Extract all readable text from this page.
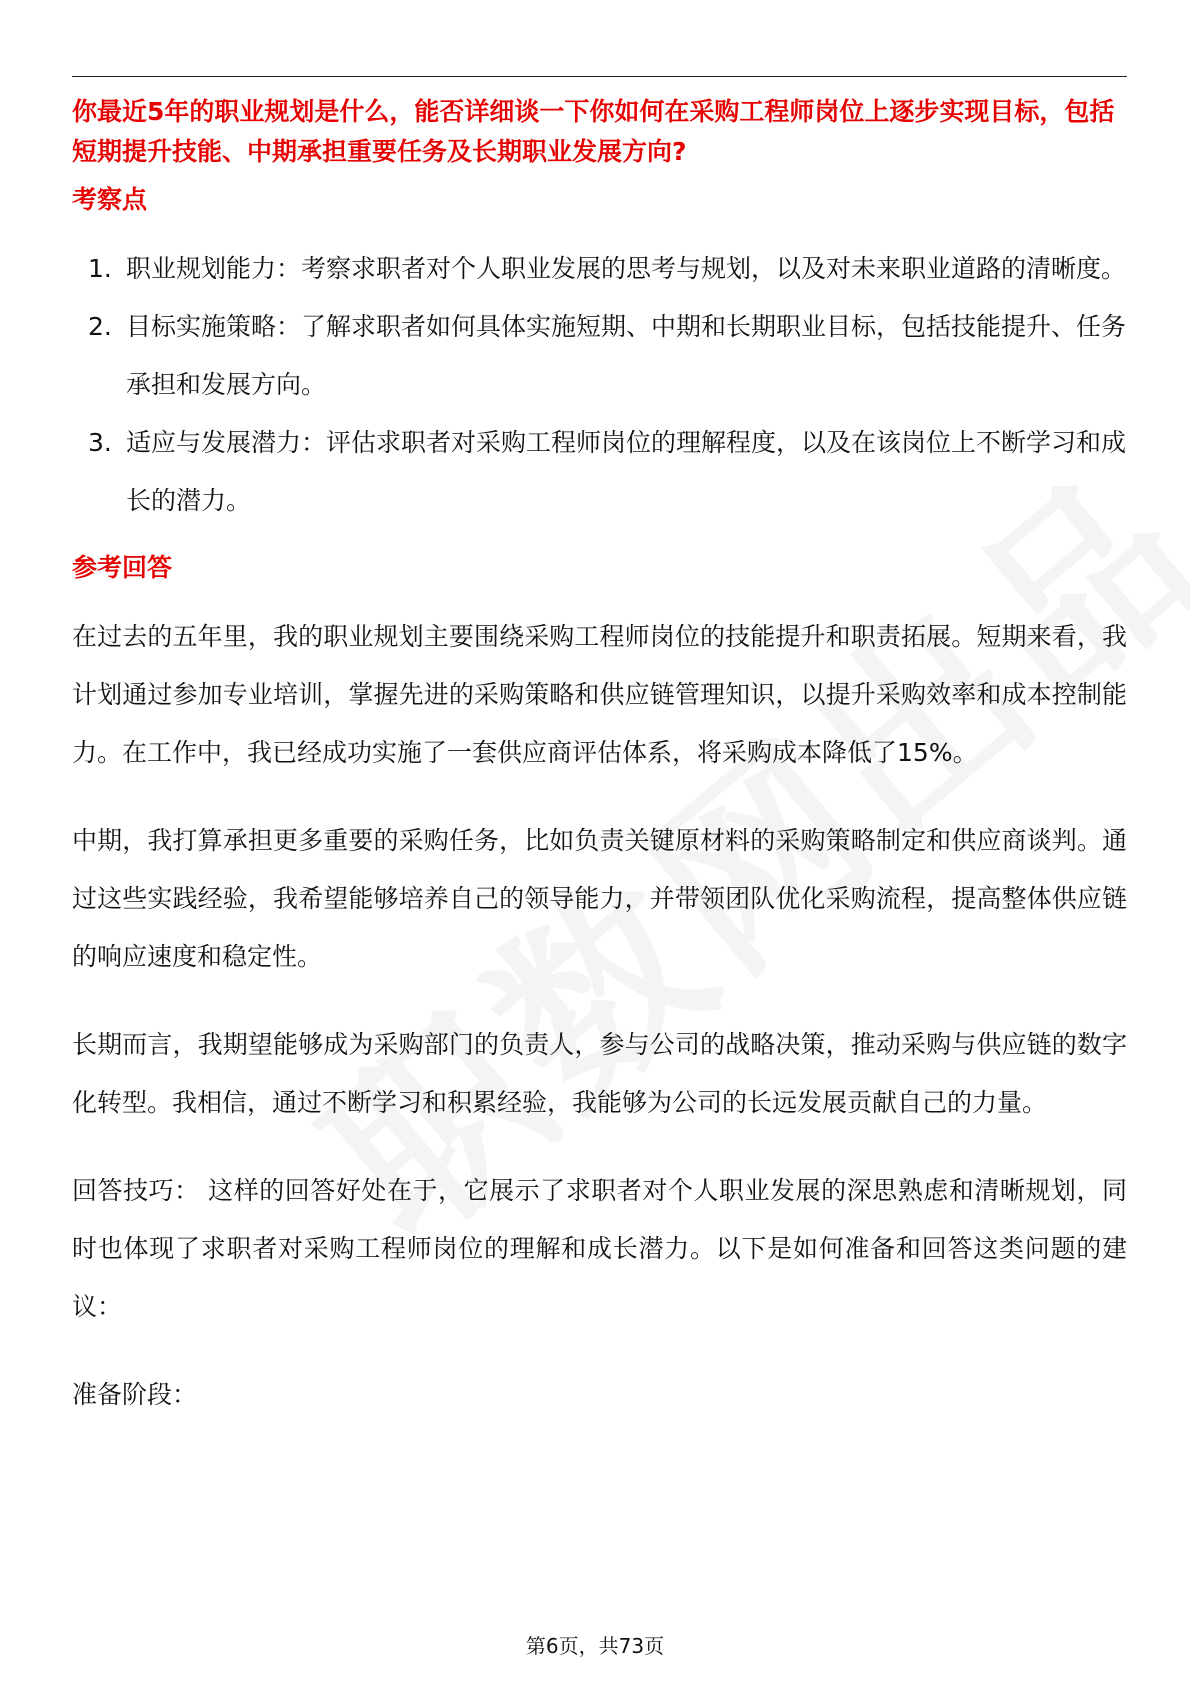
你最近5年的职业规划是什么，能否详细谈一下你如何在采购工程师岗位上逐步实现目标，包括短期提升技能、中期承担重要任务及长期职业发展方向?

考察点

1. 职业规划能力：考察求职者对个人职业发展的思考与规划，以及对未来职业道路的清晰度。
2. 目标实施策略：了解求职者如何具体实施短期、中期和长期职业目标，包括技能提升、任务承担和发展方向。
3. 适应与发展潜力：评估求职者对采购工程师岗位的理解程度，以及在该岗位上不断学习和成长的潜力。

参考回答

在过去的五年里，我的职业规划主要围绕采购工程师岗位的技能提升和职责拓展。短期来看，我计划通过参加专业培训，掌握先进的采购策略和供应链管理知识，以提升采购效率和成本控制能力。在工作中，我已经成功实施了一套供应商评估体系，将采购成本降低了15%。

中期，我打算承担更多重要的采购任务，比如负责关键原材料的采购策略制定和供应商谈判。通过这些实践经验，我希望能够培养自己的领导能力，并带领团队优化采购流程，提高整体供应链的响应速度和稳定性。

长期而言，我期望能够成为采购部门的负责人，参与公司的战略决策，推动采购与供应链的数字化转型。我相信，通过不断学习和积累经验，我能够为公司的长远发展贡献自己的力量。

回答技巧： 这样的回答好处在于，它展示了求职者对个人职业发展的深思熟虑和清晰规划，同时也体现了求职者对采购工程师岗位的理解和成长潜力。以下是如何准备和回答这类问题的建议：

准备阶段：

第6页，共73页
